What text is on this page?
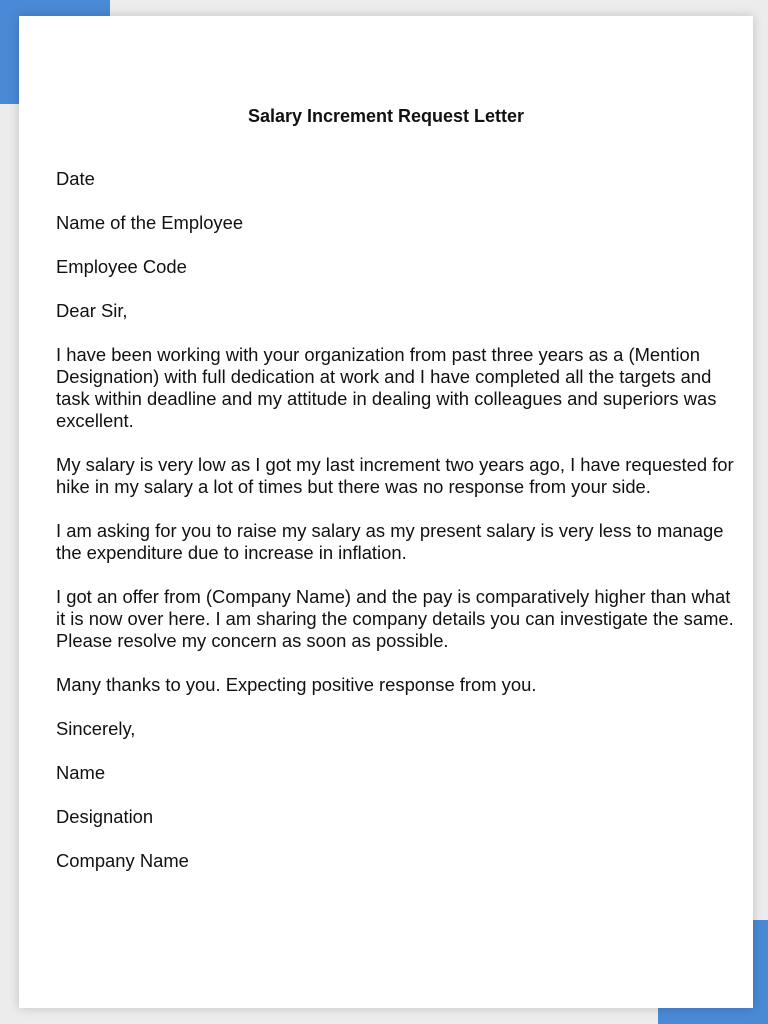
Salary Increment Request Letter

Date

Name of the Employee

Employee Code

Dear Sir,

I have been working with your organization from past three years as a (Mention Designation) with full dedication at work and I have completed all the targets and task within deadline and my attitude in dealing with colleagues and superiors was excellent.

My salary is very low as I got my last increment two years ago, I have requested for hike in my salary a lot of times but there was no response from your side.

I am asking for you to raise my salary as my present salary is very less to manage the expenditure due to increase in inflation.

I got an offer from (Company Name) and the pay is comparatively higher than what it is now over here. I am sharing the company details you can investigate the same. Please resolve my concern as soon as possible.

Many thanks to you. Expecting positive response from you.

Sincerely,

Name

Designation

Company Name
